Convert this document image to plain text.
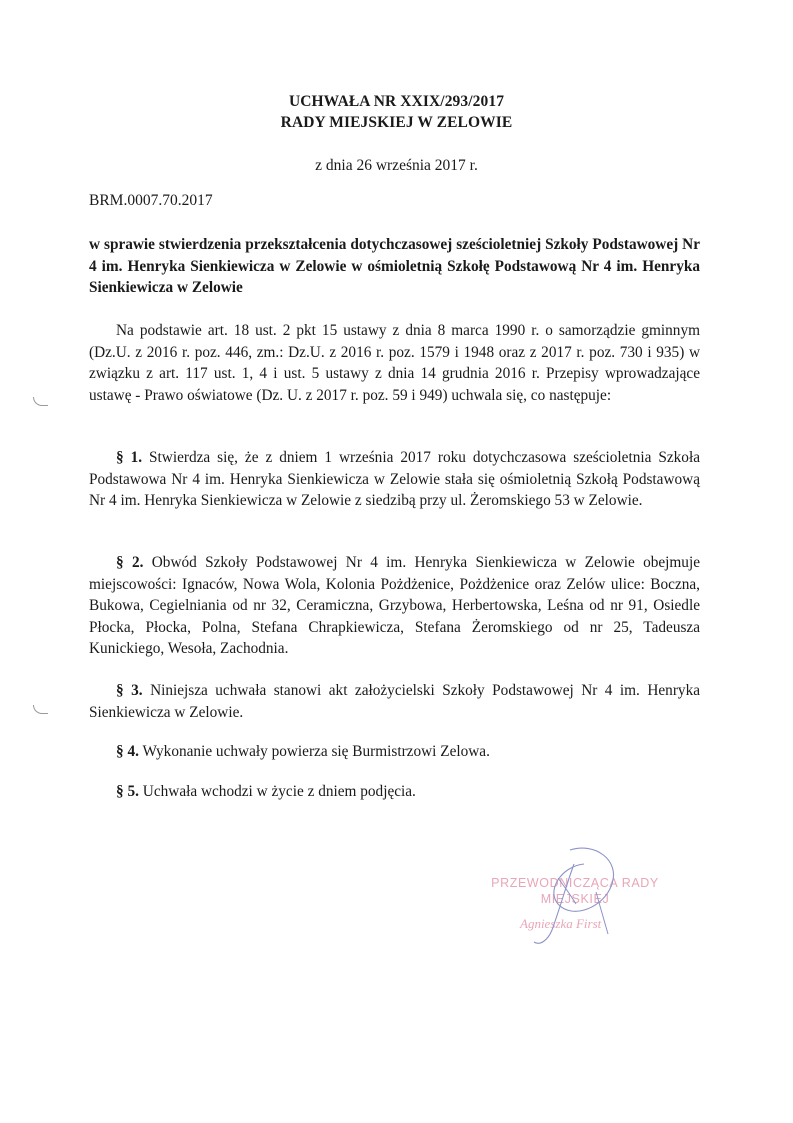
UCHWAŁA NR XXIX/293/2017
RADY MIEJSKIEJ W ZELOWIE
z dnia 26 września 2017 r.
BRM.0007.70.2017
w sprawie stwierdzenia przekształcenia dotychczasowej sześcioletniej Szkoły Podstawowej Nr 4 im. Henryka Sienkiewicza w Zelowie w ośmioletnią Szkołę Podstawową Nr 4 im. Henryka Sienkiewicza w Zelowie
Na podstawie art. 18 ust. 2 pkt 15 ustawy z dnia 8 marca 1990 r. o samorządzie gminnym (Dz.U. z 2016 r. poz. 446, zm.: Dz.U. z 2016 r. poz. 1579 i 1948 oraz z 2017 r. poz. 730 i 935) w związku z art. 117 ust. 1, 4 i ust. 5 ustawy z dnia 14 grudnia 2016 r. Przepisy wprowadzające ustawę - Prawo oświatowe (Dz. U. z 2017 r. poz. 59 i 949) uchwala się, co następuje:
§ 1. Stwierdza się, że z dniem 1 września 2017 roku dotychczasowa sześcioletnia Szkoła Podstawowa Nr 4 im. Henryka Sienkiewicza w Zelowie stała się ośmioletnią Szkołą Podstawową Nr 4 im. Henryka Sienkiewicza w Zelowie z siedzibą przy ul. Żeromskiego 53 w Zelowie.
§ 2. Obwód Szkoły Podstawowej Nr 4 im. Henryka Sienkiewicza w Zelowie obejmuje miejscowości: Ignaców, Nowa Wola, Kolonia Pożdżenice, Pożdżenice oraz Zelów ulice: Boczna, Bukowa, Cegielniania od nr 32, Ceramiczna, Grzybowa, Herbertowska, Leśna od nr 91, Osiedle Płocka, Płocka, Polna, Stefana Chrapkiewicza, Stefana Żeromskiego od nr 25, Tadeusza Kunickiego, Wesoła, Zachodnia.
§ 3. Niniejsza uchwała stanowi akt założycielski Szkoły Podstawowej Nr 4 im. Henryka Sienkiewicza w Zelowie.
§ 4. Wykonanie uchwały powierza się Burmistrzowi Zelowa.
§ 5. Uchwała wchodzi w życie z dniem podjęcia.
PRZEWODNICZĄCA RADY
MIEJSKIEJ
Agnieszka First
